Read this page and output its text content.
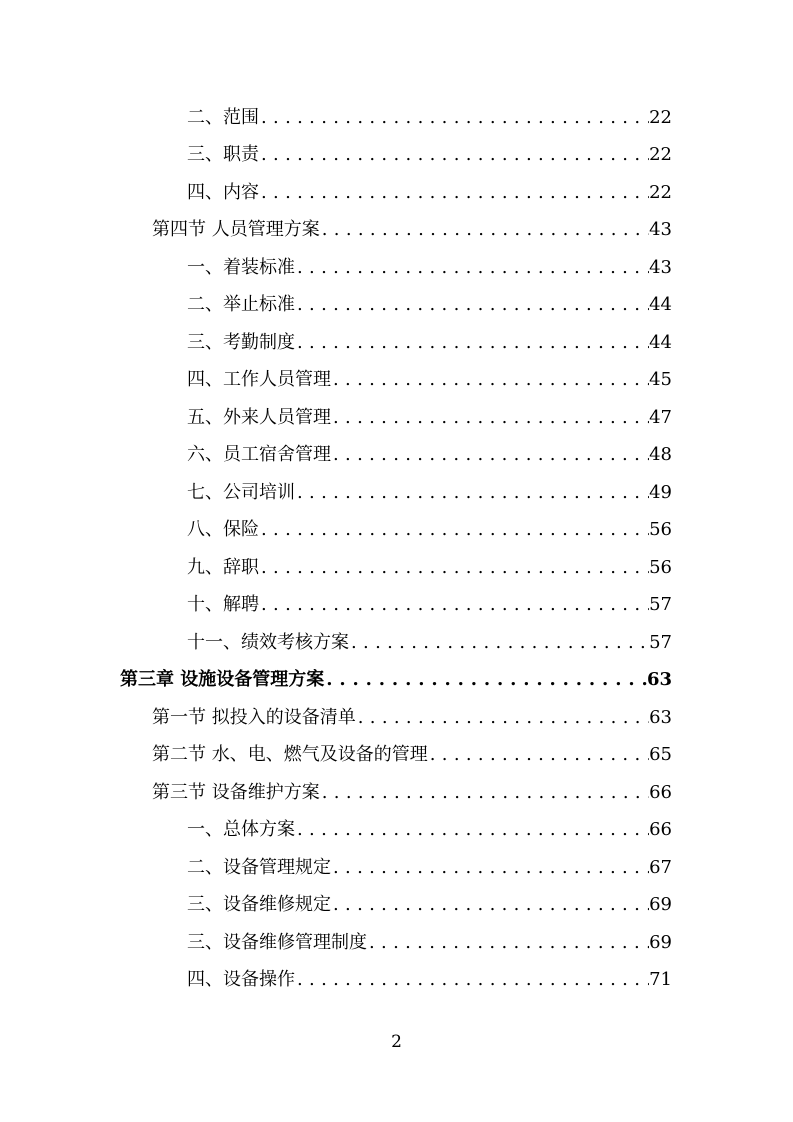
二、范围 . . .	22
三、职责 . . .	22
四、内容 . . .	22
第四节 人员管理方案 . . .	43
一、着装标准 . . .	43
二、举止标准 . . .	44
三、考勤制度 . . .	44
四、工作人员管理 . . .	45
五、外来人员管理 . . .	47
六、员工宿舍管理 . . .	48
七、公司培训 . . .	49
八、保险 . . .	56
九、辞职 . . .	56
十、解聘 . . .	57
十一、绩效考核方案 . . .	57
第三章 设施设备管理方案 . . .	63
第一节 拟投入的设备清单 . . .	63
第二节 水、电、燃气及设备的管理 . . .	65
第三节 设备维护方案 . . .	66
一、总体方案 . . .	66
二、设备管理规定 . . .	67
三、设备维修规定 . . .	69
三、设备维修管理制度 . . .	69
四、设备操作 . . .	71
2
